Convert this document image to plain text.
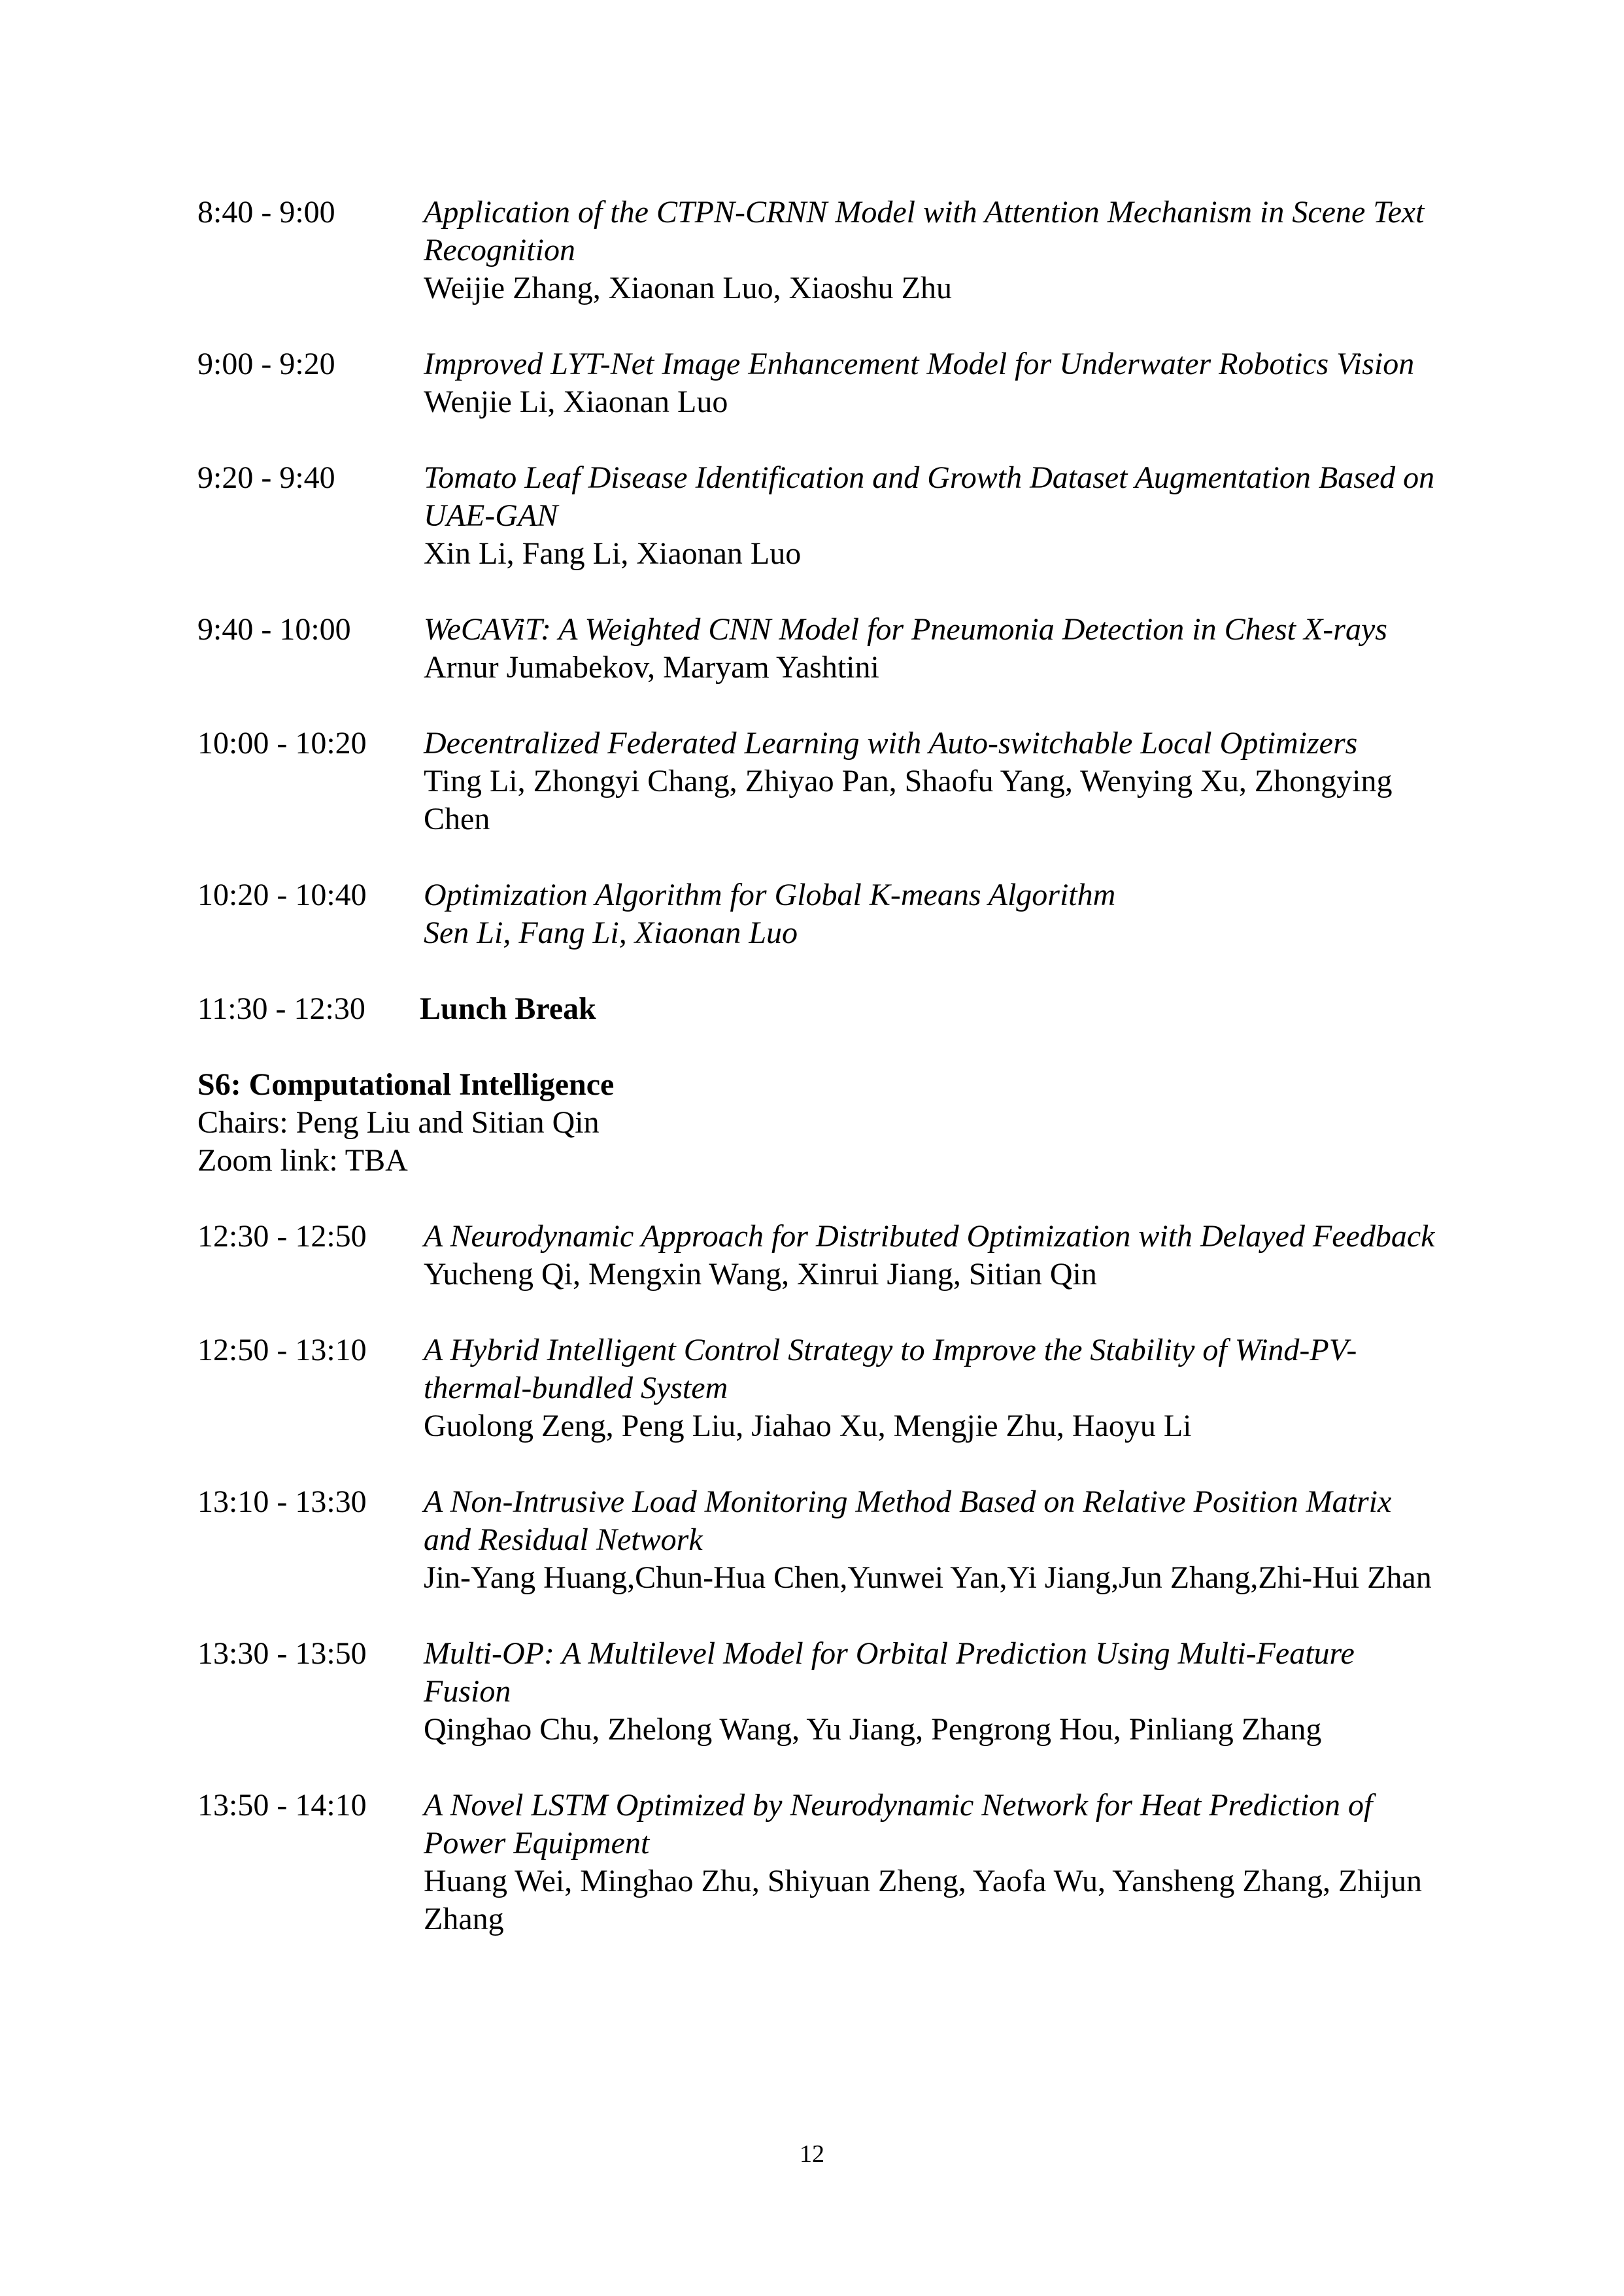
8:40 - 9:00	Application of the CTPN-CRNN Model with Attention Mechanism in Scene Text Recognition
Weijie Zhang, Xiaonan Luo, Xiaoshu Zhu
9:00 - 9:20	Improved LYT-Net Image Enhancement Model for Underwater Robotics Vision
Wenjie Li, Xiaonan Luo
9:20 - 9:40	Tomato Leaf Disease Identification and Growth Dataset Augmentation Based on UAE-GAN
Xin Li, Fang Li, Xiaonan Luo
9:40 - 10:00	WeCAViT: A Weighted CNN Model for Pneumonia Detection in Chest X-rays
Arnur Jumabekov, Maryam Yashtini
10:00 - 10:20	Decentralized Federated Learning with Auto-switchable Local Optimizers
Ting Li, Zhongyi Chang, Zhiyao Pan, Shaofu Yang, Wenying Xu, Zhongying Chen
10:20 - 10:40	Optimization Algorithm for Global K-means Algorithm
Sen Li, Fang Li, Xiaonan Luo
11:30 - 12:30	Lunch Break
S6: Computational Intelligence
Chairs: Peng Liu and Sitian Qin
Zoom link: TBA
12:30 - 12:50	A Neurodynamic Approach for Distributed Optimization with Delayed Feedback
Yucheng Qi, Mengxin Wang, Xinrui Jiang, Sitian Qin
12:50 - 13:10	A Hybrid Intelligent Control Strategy to Improve the Stability of Wind-PV-thermal-bundled System
Guolong Zeng, Peng Liu, Jiahao Xu, Mengjie Zhu, Haoyu Li
13:10 - 13:30	A Non-Intrusive Load Monitoring Method Based on Relative Position Matrix and Residual Network
Jin-Yang Huang,Chun-Hua Chen,Yunwei Yan,Yi Jiang,Jun Zhang,Zhi-Hui Zhan
13:30 - 13:50	Multi-OP: A Multilevel Model for Orbital Prediction Using Multi-Feature Fusion
Qinghao Chu, Zhelong Wang, Yu Jiang, Pengrong Hou, Pinliang Zhang
13:50 - 14:10	A Novel LSTM Optimized by Neurodynamic Network for Heat Prediction of Power Equipment
Huang Wei, Minghao Zhu, Shiyuan Zheng, Yaofa Wu, Yansheng Zhang, Zhijun Zhang
12
